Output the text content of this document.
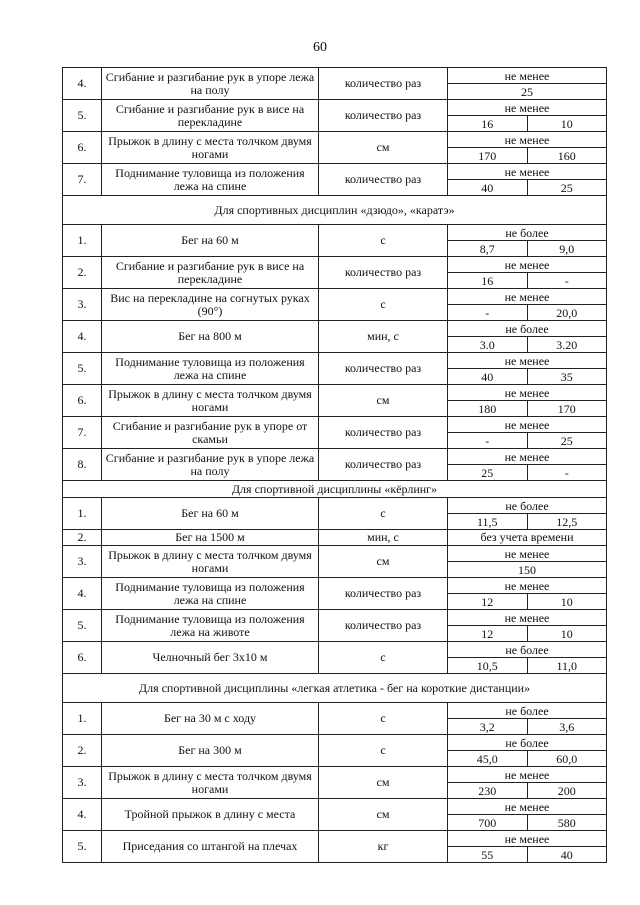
60
4.	Сгибание и разгибание рук в упоре лежа на полу	количество раз	не менее	
			25	
5.	Сгибание и разгибание рук в висе на перекладине	количество раз	не менее	
			16	10
6.	Прыжок в длину с места толчком двумя ногами	см	не менее	
			170	160
7.	Поднимание туловища из положения лежа на спине	количество раз	не менее	
			40	25
Для спортивных дисциплин «дзюдо», «каратэ»				
1.	Бег на 60 м	с	не более	
			8,7	9,0
2.	Сгибание и разгибание рук в висе на перекладине	количество раз	не менее	
			16	-
3.	Вис на перекладине на согнутых руках (90°)	с	не менее	
			-	20,0
4.	Бег на 800 м	мин, с	не более	
			3.0	3.20
5.	Поднимание туловища из положения лежа на спине	количество раз	не менее	
			40	35
6.	Прыжок в длину с места толчком двумя ногами	см	не менее	
			180	170
7.	Сгибание и разгибание рук в упоре от скамьи	количество раз	не менее	
			-	25
8.	Сгибание и разгибание рук в упоре лежа на полу	количество раз	не менее	
			25	-
Для спортивной дисциплины «кёрлинг»				
1.	Бег на 60 м	с	не более	
			11,5	12,5
2.	Бег на 1500 м	мин, с	без учета времени	
3.	Прыжок в длину с места толчком двумя ногами	см	не менее	
			150	
4.	Поднимание туловища из положения лежа на спине	количество раз	не менее	
			12	10
5.	Поднимание туловища из положения лежа на животе	количество раз	не менее	
			12	10
6.	Челночный бег 3х10 м	с	не более	
			10,5	11,0
Для спортивной дисциплины «легкая атлетика - бег на короткие дистанции»				
1.	Бег на 30 м с ходу	с	не более	
			3,2	3,6
2.	Бег на 300 м	с	не более	
			45,0	60,0
3.	Прыжок в длину с места толчком двумя ногами	см	не менее	
			230	200
4.	Тройной прыжок в длину с места	см	не менее	
			700	580
5.	Приседания со штангой на плечах	кг	не менее	
			55	40
